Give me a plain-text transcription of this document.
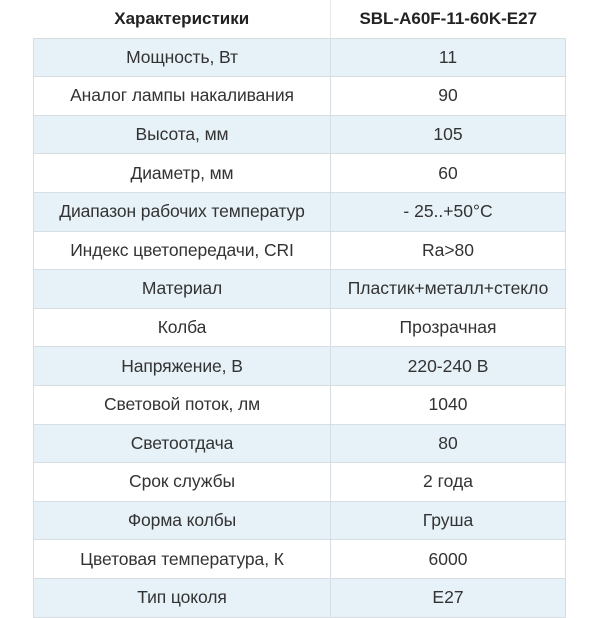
Характеристики	SBL-A60F-11-60K-E27
Мощность, Вт	11
Аналог лампы накаливания	90
Высота, мм	105
Диаметр, мм	60
Диапазон рабочих температур	- 25..+50°С
Индекс цветопередачи, CRI	Ra>80
Материал	Пластик+металл+стекло
Колба	Прозрачная
Напряжение, В	220-240 В
Световой поток, лм	1040
Светоотдача	80
Срок службы	2 года
Форма колбы	Груша
Цветовая температура, К	6000
Тип цоколя	E27
